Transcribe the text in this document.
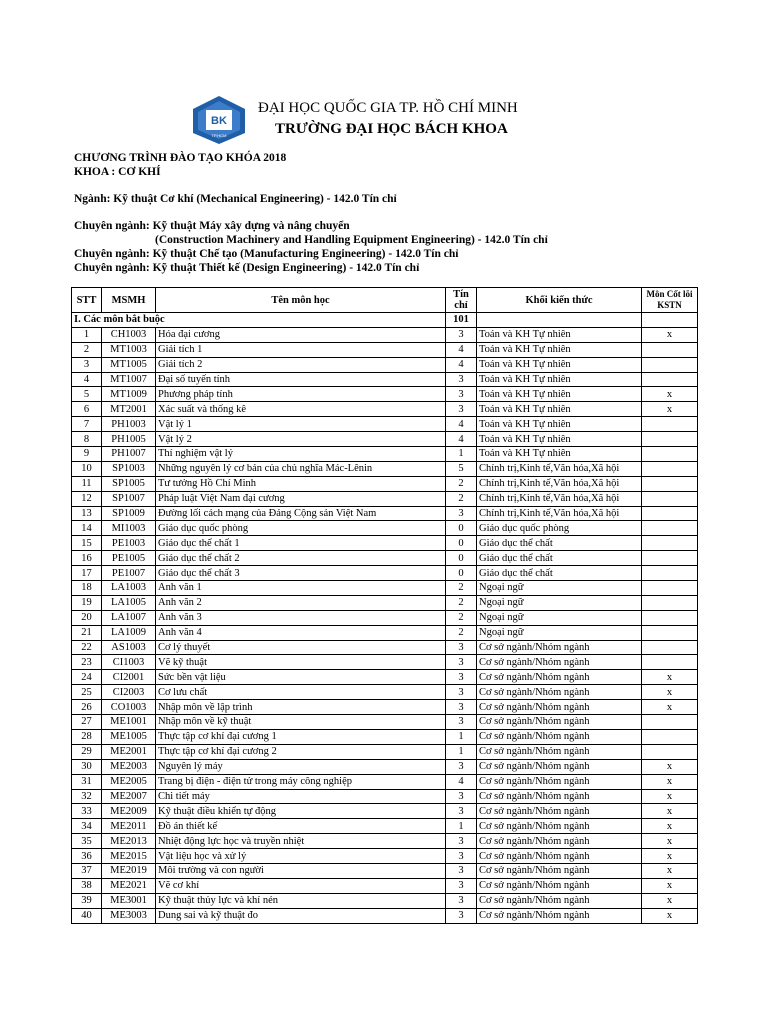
BK
TP.HCM
ĐẠI HỌC QUỐC GIA TP. HỒ CHÍ MINH
TRƯỜNG ĐẠI HỌC BÁCH KHOA
CHƯƠNG TRÌNH ĐÀO TẠO KHÓA 2018
KHOA : CƠ KHÍ
Ngành: Kỹ thuật Cơ khí (Mechanical Engineering) - 142.0 Tín chỉ
Chuyên ngành: Kỹ thuật Máy xây dựng và nâng chuyển
(Construction Machinery and Handling Equipment Engineering) - 142.0 Tín chỉ
Chuyên ngành: Kỹ thuật Chế tạo (Manufacturing Engineering) - 142.0 Tín chỉ
Chuyên ngành: Kỹ thuật Thiết kế (Design Engineering) - 142.0 Tín chỉ
STT	MSMH	Tên môn học	Tín chỉ	Khối kiến thức	Môn Cốt lõi KSTN
I. Các môn bắt buộc			101		
1	CH1003	Hóa đại cương	3	Toán và KH Tự nhiên	x
2	MT1003	Giải tích 1	4	Toán và KH Tự nhiên	
3	MT1005	Giải tích 2	4	Toán và KH Tự nhiên	
4	MT1007	Đại số tuyến tính	3	Toán và KH Tự nhiên	
5	MT1009	Phương pháp tính	3	Toán và KH Tự nhiên	x
6	MT2001	Xác suất và thống kê	3	Toán và KH Tự nhiên	x
7	PH1003	Vật lý 1	4	Toán và KH Tự nhiên	
8	PH1005	Vật lý 2	4	Toán và KH Tự nhiên	
9	PH1007	Thí nghiệm vật lý	1	Toán và KH Tự nhiên	
10	SP1003	Những nguyên lý cơ bản của chủ nghĩa Mác-Lênin	5	Chính trị,Kinh tế,Văn hóa,Xã hội	
11	SP1005	Tư tưởng Hồ Chí Minh	2	Chính trị,Kinh tế,Văn hóa,Xã hội	
12	SP1007	Pháp luật Việt Nam đại cương	2	Chính trị,Kinh tế,Văn hóa,Xã hội	
13	SP1009	Đường lối cách mạng của Đảng Cộng sản Việt Nam	3	Chính trị,Kinh tế,Văn hóa,Xã hội	
14	MI1003	Giáo dục quốc phòng	0	Giáo dục quốc phòng	
15	PE1003	Giáo dục thể chất 1	0	Giáo dục thể chất	
16	PE1005	Giáo dục thể chất 2	0	Giáo dục thể chất	
17	PE1007	Giáo dục thể chất 3	0	Giáo dục thể chất	
18	LA1003	Anh văn 1	2	Ngoại ngữ	
19	LA1005	Anh văn 2	2	Ngoại ngữ	
20	LA1007	Anh văn 3	2	Ngoại ngữ	
21	LA1009	Anh văn 4	2	Ngoại ngữ	
22	AS1003	Cơ lý thuyết	3	Cơ sở ngành/Nhóm ngành	
23	CI1003	Vẽ kỹ thuật	3	Cơ sở ngành/Nhóm ngành	
24	CI2001	Sức bền vật liệu	3	Cơ sở ngành/Nhóm ngành	x
25	CI2003	Cơ lưu chất	3	Cơ sở ngành/Nhóm ngành	x
26	CO1003	Nhập môn về lập trình	3	Cơ sở ngành/Nhóm ngành	x
27	ME1001	Nhập môn về kỹ thuật	3	Cơ sở ngành/Nhóm ngành	
28	ME1005	Thực tập cơ khí đại cương 1	1	Cơ sở ngành/Nhóm ngành	
29	ME2001	Thực tập cơ khí đại cương 2	1	Cơ sở ngành/Nhóm ngành	
30	ME2003	Nguyên lý máy	3	Cơ sở ngành/Nhóm ngành	x
31	ME2005	Trang bị điện - điện tử trong máy công nghiệp	4	Cơ sở ngành/Nhóm ngành	x
32	ME2007	Chi tiết máy	3	Cơ sở ngành/Nhóm ngành	x
33	ME2009	Kỹ thuật điều khiển tự động	3	Cơ sở ngành/Nhóm ngành	x
34	ME2011	Đồ án thiết kế	1	Cơ sở ngành/Nhóm ngành	x
35	ME2013	Nhiệt động lực học và truyền nhiệt	3	Cơ sở ngành/Nhóm ngành	x
36	ME2015	Vật liệu học và xử lý	3	Cơ sở ngành/Nhóm ngành	x
37	ME2019	Môi trường và con người	3	Cơ sở ngành/Nhóm ngành	x
38	ME2021	Vẽ cơ khí	3	Cơ sở ngành/Nhóm ngành	x
39	ME3001	Kỹ thuật thủy lực và khí nén	3	Cơ sở ngành/Nhóm ngành	x
40	ME3003	Dung sai và kỹ thuật đo	3	Cơ sở ngành/Nhóm ngành	x
